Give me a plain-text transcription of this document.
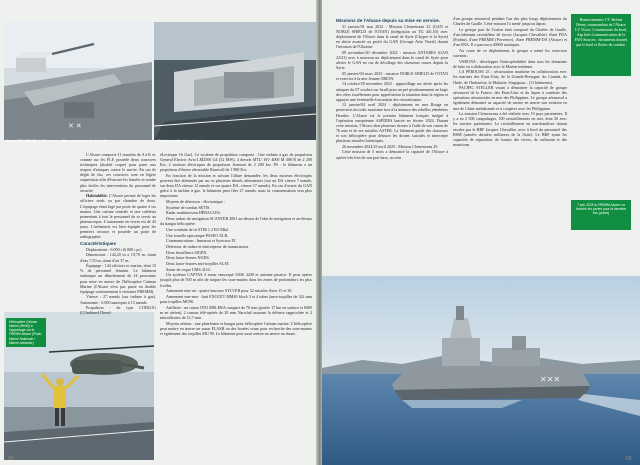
✕ ✕
Canon OTO MELARA de 76 mm avec affleurante des missiles Aster 15	Plateforme hélicoptère et hangar
Hélicoptère Caïman Marine (NH90) à l'appontage sur la FREMM Alsace (Photo Marine Nationale / Marine nationale)

L'Alsace comporte 11 tranches de A à K et, comme sur les FLF, possède deux coursives techniques (double coque) pour parer aux risques d'attaques contre le navire. En cas de dégât de feu, ces coursives sont en légère surpression afin d'évacuer les fumées et rendre plus faciles les interventions du personnel de sécurité.

Habitabilité. L'Alsace permet de loger les officiers seuls ou par chambre de deux. L'équipage étant logé par poste de quatre à six marins. Une cuisine centrale et une cafétéria permettent à tout le personnel de se servir au plateau-repas. L'autonomie en vivres est de 45 jours. L'infirmerie est bien équipée pour les premiers secours et possède un poste de radiographie.

Caractéristiques

Déplacement : 6 000 t (6 000 t pc)

Dimensions : 142,20 m x 19,70 m, tirant d'eau 7,50 m, tirant d'air 37 m.

Équipage : 144 officiers et marins, dont 15 % de personnel féminin. Le bâtiment embarque un détachement de 14 personnes pour mise en œuvre de l'hélicoptère Caïman Marine (l'Alsace n'est pas passé en double équipage contrairement à certaines FREMM).

Vitesse : 27 nœuds (sur turbine à gaz). Autonomie : 6 000 nautiques à 15 nœuds.

Propulsion : du type CODLOG (COmbined Diesel-

éLectrique Or Gaz). Ce système de propulsion comporte : Une turbine à gaz de propulsion General Electric Avio LM2500 G4 (32 MW), 4 diesels MTU 16V 4000 M 408 B de 2 200 Kw, 2 moteurs électriques de propulsion Jeumont de 2 200 kw. PS : le bâtiment a un propulseur d'étrave rétractable Brunvoll de 1 880 Kw.

En fonction de la mission et suivant l'allure demandée, les deux moteurs électriques peuvent être alimentés par un ou plusieurs diesels alternateurs (sur un DA vitesse 7 nœuds, sur deux DA vitesse 12 nœuds et sur quatre DA, vitesse 17 nœuds). En cas d'avarie du GAN grâce à la turbine à gaz, le bâtiment peut filer 27 nœuds, mais la consommation sera plus importante.

Moyens de détection - électronique :

Système de combat SETIS.

Radar multimission HÉRACLES.

Deux radars de navigation SCANTER 2001 au-dessus de l'abri de navigation et au-dessus du hangar hélicoptère.

Une conduite de tir STIR 1.2 EO Mk2.

Une tourelle optronique PASEO XLR.

Communications : Inmarsat et Syracuse IV.

Détecteur de radars et intercepteur de transmission.

Deux brouilleurs SIGEN.

Deux lance-leurres NGDS.

Deux lance-leurres anti-torpilles SLAT.

Sonar de coque UMS 4110.

Un système CAPTAS 4 sonar remorqué UMS 4249 et antenne passive. Il peut opérer jusqu'à plus de 500 m afin de traquer les sous-marins dans les zones de profondeurs les plus froides.

Armement mer-air : quatre lanceurs SYLVER pour 32 missiles Aster 15 et 30.

Armement mer-mer : huit EXOCET MM40 block 3 et 4 tubes lance-torpilles de 324 mm pour torpilles MU90.

Artillerie : un canon OTO MELERA compact de 76 mm (portée 17 km en surface et 6000 m en aérien), 2 canons télé-opérés de 20 mm Narwhal assurant la défense rapprochée et 2 mitrailleuses de 12,7 mm.

Moyens aériens : une plateforme et hangar pour hélicoptère Caïman marine. L'hélicoptère peut mettre en œuvre un sonar FLASH ou des bouées sonar pour recherche des sous-marins et également des torpilles MU 90. Le bâtiment peut aussi mettre en œuvre un drone.

68
Missions de l'Alsace depuis sa mise en service.

31 janvier/01 mai 2022 : Mission Clemenceau 22 (GAN et NOBLE SHIELD de l'OTAN) (intégration au TG 441.03) avec déploiement de l'Alsace dans le canal de Syrie (Chypre et la Syrie) en alerte avancée au profit du GAN (Groupe Aéro Naval) durant l'invasion de l'Ukraine.

09 novembre/20 décembre 2022 : mission ANTARES (GAN 22/23) avec à nouveau un déploiement dans le canal de Syrie pour alerter le GAN en cas de décollage des chasseurs russes depuis la Syrie.

05 janvier/04 mars 2023 : mission NOBLE SHIELD de l'OTAN et exercice à la mer Jeanne ORION.

14 octobre/29 novembre 2023 : appareillage sur alerte après les attaques du 07 octobre sur Israël pour un pré positionnement au large des côtes israéliennes pour appréciation la situation dans la région et appuyer une éventuelle évacuation des ressortissants.

12 janvier/04 avril 2024 : déploiement en mer Rouge en protection du trafic maritime face à la menace des rebelles yéménites Houthis. L'Alsace est le premier bâtiment français intégré à l'opération européenne ASPIDES lancée en février 2024. Durant cette mission, l'Alsace abat plusieurs drones à l'aide de son canon de 76 mm et de ses missiles ASTER. Le bâtiment guide des chasseurs et son hélicoptère pour détruire les drones suicides et intercepte plusieurs missiles balistiques.

26 novembre 2024/25 avril 2025 : Mission Clemenceau 25.

Cette mission de 5 mois a démontré la capacité de l'Alsace à opérer très loin de son port base, au sein

d'un groupe aéronaval pendant l'un des plus longs déploiements du Charles de Gaulle. Cette mission l'a mené jusqu'au Japon.

Le groupe part de Toulon était composé du Charles de Gaulle, d'un bâtiment ravitailleur de forces (Jacques Chevallier) d'une FDA (Forbin), d'une FREMM (Provence), d'une FREMM-DA (Alsace) et d'un SNA. Il a parcouru 40000 nautiques.

Au cours de ce déploiement, le groupe a mené les exercices suivants :

VARUNA : développer l'interopérabilité dans tous les domaines de lutte en collaboration avec la Marine indienne.

LA PÉROUSE 25 : sécurisation maritime en collaboration avec les marines des Etats-Unis, de la Grande-Bretagne, du Canada, de l'Inde, de l'Indonésie, la Malaisie, Singapour... (11 bâtiments).

PACIFIC STELLER visant à démontrer la capacité de groupe aéronaval de la France, des Etats-Unis et du Japon à conduire des opérations aéronavales en mer des Philippines. Le groupe aéronaval a également démontré sa capacité de mettre en œuvre son aviation en mer de Chine méridionale et à coopérer avec les Philippines.

La mission Clemenceau a été réalisée avec 19 pays partenaires. Il y a eu 2 500 catapultages, 100 ravitaillements en mer, dont 20 avec les navires partenaires. Le ravitaillement en marchandises durant escales par le BRF Jacques Chevallier avec à bord du personnel des BSM (armées dernière milliaires de la flotte). Le BRF ayant les capacités de réparation, de fournir des vivres, de carburant et des munitions.

✕✕✕
69
Remerciements CV Jérôme Henry, commandant de l'Alsace LV Victor, Commissaire du bord, Asp Inès Communication de la FAN Sources : documents donnés par le bord et flottes de combat.
7 juin 2025 la FREMM Alsace va franchir les portes pour la dernière fois (photo)
